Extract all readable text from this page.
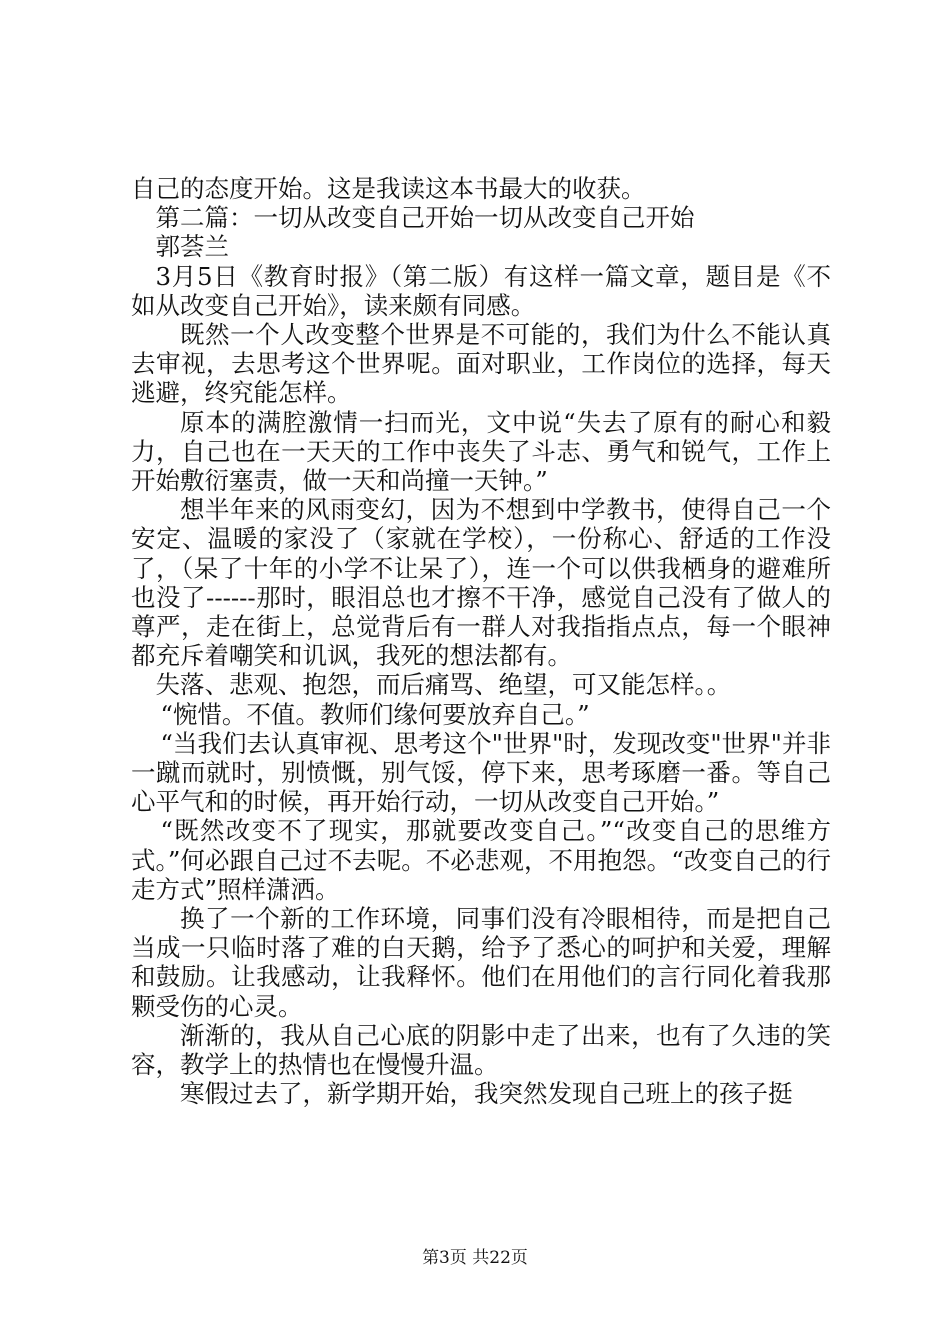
自己的态度开始。这是我读这本书最大的收获。

第二篇：一切从改变自己开始一切从改变自己开始

郭荟兰

3月5日《教育时报》（第二版）有这样一篇文章，题目是《不如从改变自己开始》，读来颇有同感。

既然一个人改变整个世界是不可能的，我们为什么不能认真去审视，去思考这个世界呢。面对职业，工作岗位的选择，每天逃避，终究能怎样。

原本的满腔激情一扫而光，文中说“失去了原有的耐心和毅力，自己也在一天天的工作中丧失了斗志、勇气和锐气，工作上开始敷衍塞责，做一天和尚撞一天钟。”

想半年来的风雨变幻，因为不想到中学教书，使得自己一个安定、温暖的家没了（家就在学校），一份称心、舒适的工作没了，（呆了十年的小学不让呆了），连一个可以供我栖身的避难所也没了------那时，眼泪总也才擦不干净，感觉自己没有了做人的尊严，走在街上，总觉背后有一群人对我指指点点，每一个眼神都充斥着嘲笑和讥讽，我死的想法都有。

失落、悲观、抱怨，而后痛骂、绝望，可又能怎样。。

“惋惜。不值。教师们缘何要放弃自己。”

“当我们去认真审视、思考这个"世界"时，发现改变"世界"并非一蹴而就时，别愤慨，别气馁，停下来，思考琢磨一番。等自己心平气和的时候，再开始行动，一切从改变自己开始。”

“既然改变不了现实，那就要改变自己。”“改变自己的思维方式。”何必跟自己过不去呢。不必悲观，不用抱怨。“改变自己的行走方式”照样潇洒。

换了一个新的工作环境，同事们没有冷眼相待，而是把自己当成一只临时落了难的白天鹅，给予了悉心的呵护和关爱，理解和鼓励。让我感动，让我释怀。他们在用他们的言行同化着我那颗受伤的心灵。

渐渐的，我从自己心底的阴影中走了出来，也有了久违的笑容，教学上的热情也在慢慢升温。

寒假过去了，新学期开始，我突然发现自己班上的孩子挺

第3页 共22页
